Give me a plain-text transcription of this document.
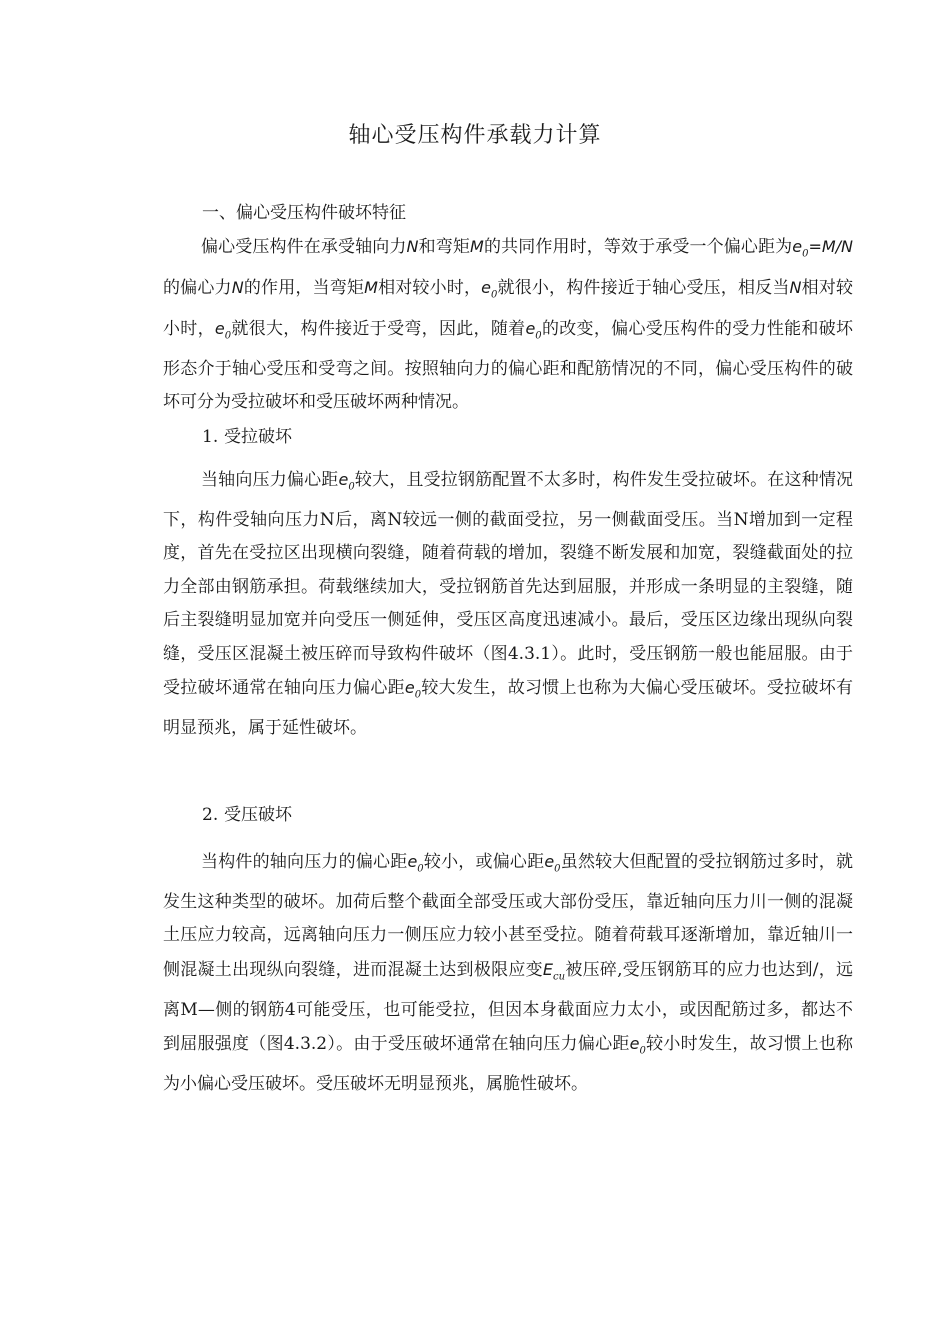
轴心受压构件承载力计算
一、偏心受压构件破坏特征

偏心受压构件在承受轴向力N和弯矩M的共同作用时，等效于承受一个偏心距为$e_0=M/N$的偏心力N的作用，当弯矩M相对较小时，$e_0$就很小，构件接近于轴心受压，相反当N相对较小时，$e_0$就很大，构件接近于受弯，因此，随着$e_0$的改变，偏心受压构件的受力性能和破坏形态介于轴心受压和受弯之间。按照轴向力的偏心距和配筋情况的不同，偏心受压构件的破坏可分为受拉破坏和受压破坏两种情况。

1. 受拉破坏

当轴向压力偏心距$e_0$较大，且受拉钢筋配置不太多时，构件发生受拉破坏。在这种情况下，构件受轴向压力N后，离N较远一侧的截面受拉，另一侧截面受压。当N增加到一定程度，首先在受拉区出现横向裂缝，随着荷载的增加，裂缝不断发展和加宽，裂缝截面处的拉力全部由钢筋承担。荷载继续加大，受拉钢筋首先达到屈服，并形成一条明显的主裂缝，随后主裂缝明显加宽并向受压一侧延伸，受压区高度迅速减小。最后，受压区边缘出现纵向裂缝，受压区混凝土被压碎而导致构件破坏（图4.3.1）。此时，受压钢筋一般也能屈服。由于受拉破坏通常在轴向压力偏心距$e_0$较大发生，故习惯上也称为大偏心受压破坏。受拉破坏有明显预兆，属于延性破坏。

2. 受压破坏

当构件的轴向压力的偏心距$e_0$较小，或偏心距$e_0$虽然较大但配置的受拉钢筋过多时，就发生这种类型的破坏。加荷后整个截面全部受压或大部份受压，靠近轴向压力川一侧的混凝土压应力较高，远离轴向压力一侧压应力较小甚至受拉。随着荷载耳逐渐增加，靠近轴川一侧混凝土出现纵向裂缝，进而混凝土达到极限应变$E_{cu}$被压碎,受压钢筋耳的应力也达到/，远离M—侧的钢筋4可能受压，也可能受拉，但因本身截面应力太小，或因配筋过多，都达不到屈服强度（图4.3.2）。由于受压破坏通常在轴向压力偏心距$e_0$较小时发生，故习惯上也称为小偏心受压破坏。受压破坏无明显预兆，属脆性破坏。
